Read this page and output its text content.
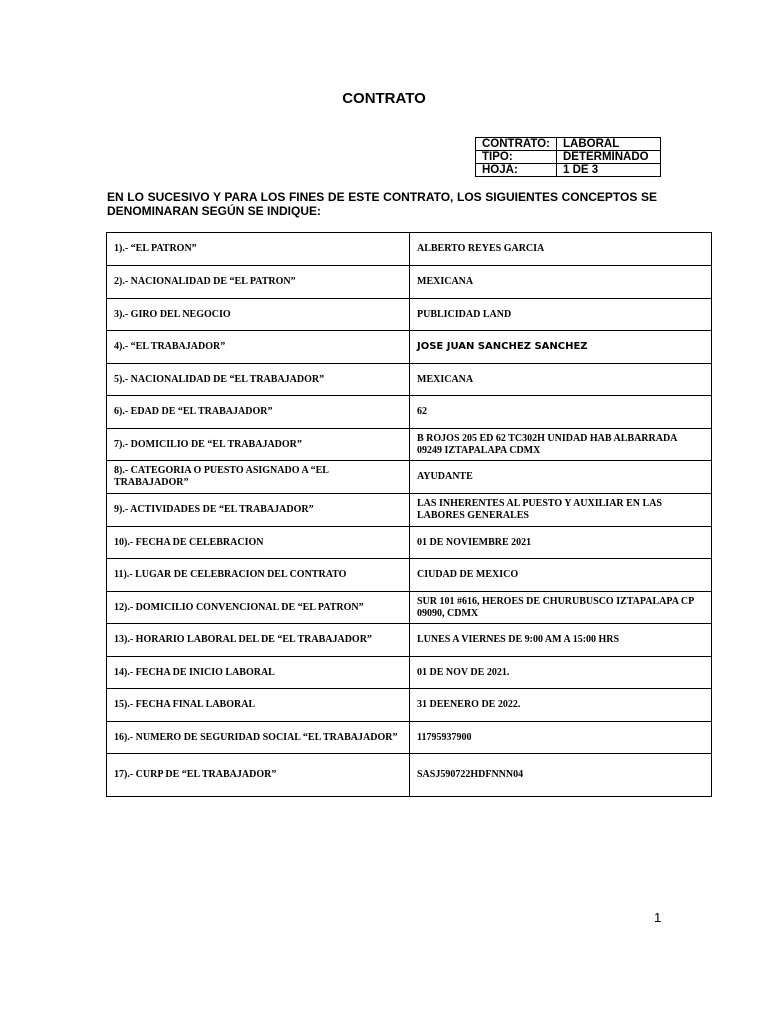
CONTRATO
CONTRATO:	LABORAL
TIPO:	DETERMINADO
HOJA:	1 DE 3
EN LO SUCESIVO Y PARA LOS FINES DE ESTE CONTRATO, LOS SIGUIENTES CONCEPTOS SE DENOMINARAN SEGÚN SE INDIQUE:
1).- “EL PATRON”	ALBERTO REYES GARCIA
2).- NACIONALIDAD DE “EL PATRON”	MEXICANA
3).- GIRO DEL NEGOCIO	PUBLICIDAD LAND
4).- “EL TRABAJADOR”	JOSE JUAN SANCHEZ SANCHEZ
5).- NACIONALIDAD DE “EL TRABAJADOR”	MEXICANA
6).- EDAD DE “EL TRABAJADOR”	62
7).- DOMICILIO DE “EL TRABAJADOR”	B ROJOS 205 ED 62 TC302H UNIDAD HAB ALBARRADA 09249 IZTAPALAPA CDMX
8).- CATEGORIA O PUESTO ASIGNADO A “EL TRABAJADOR”	AYUDANTE
9).- ACTIVIDADES DE “EL TRABAJADOR”	LAS INHERENTES AL PUESTO Y AUXILIAR EN LAS LABORES GENERALES
10).- FECHA DE CELEBRACION	01 DE NOVIEMBRE 2021
11).- LUGAR DE CELEBRACION DEL CONTRATO	CIUDAD DE MEXICO
12).- DOMICILIO CONVENCIONAL DE “EL PATRON”	SUR 101 #616, HEROES DE CHURUBUSCO IZTAPALAPA CP 09090, CDMX
13).- HORARIO LABORAL DEL DE “EL TRABAJADOR”	LUNES A VIERNES DE 9:00 AM A 15:00 HRS
14).- FECHA DE INICIO LABORAL	01 DE NOV DE 2021.
15).- FECHA FINAL LABORAL	31 DEENERO DE 2022.
16).- NUMERO DE SEGURIDAD SOCIAL “EL TRABAJADOR”	11795937900
17).- CURP DE “EL TRABAJADOR”	SASJ590722HDFNNN04
1
